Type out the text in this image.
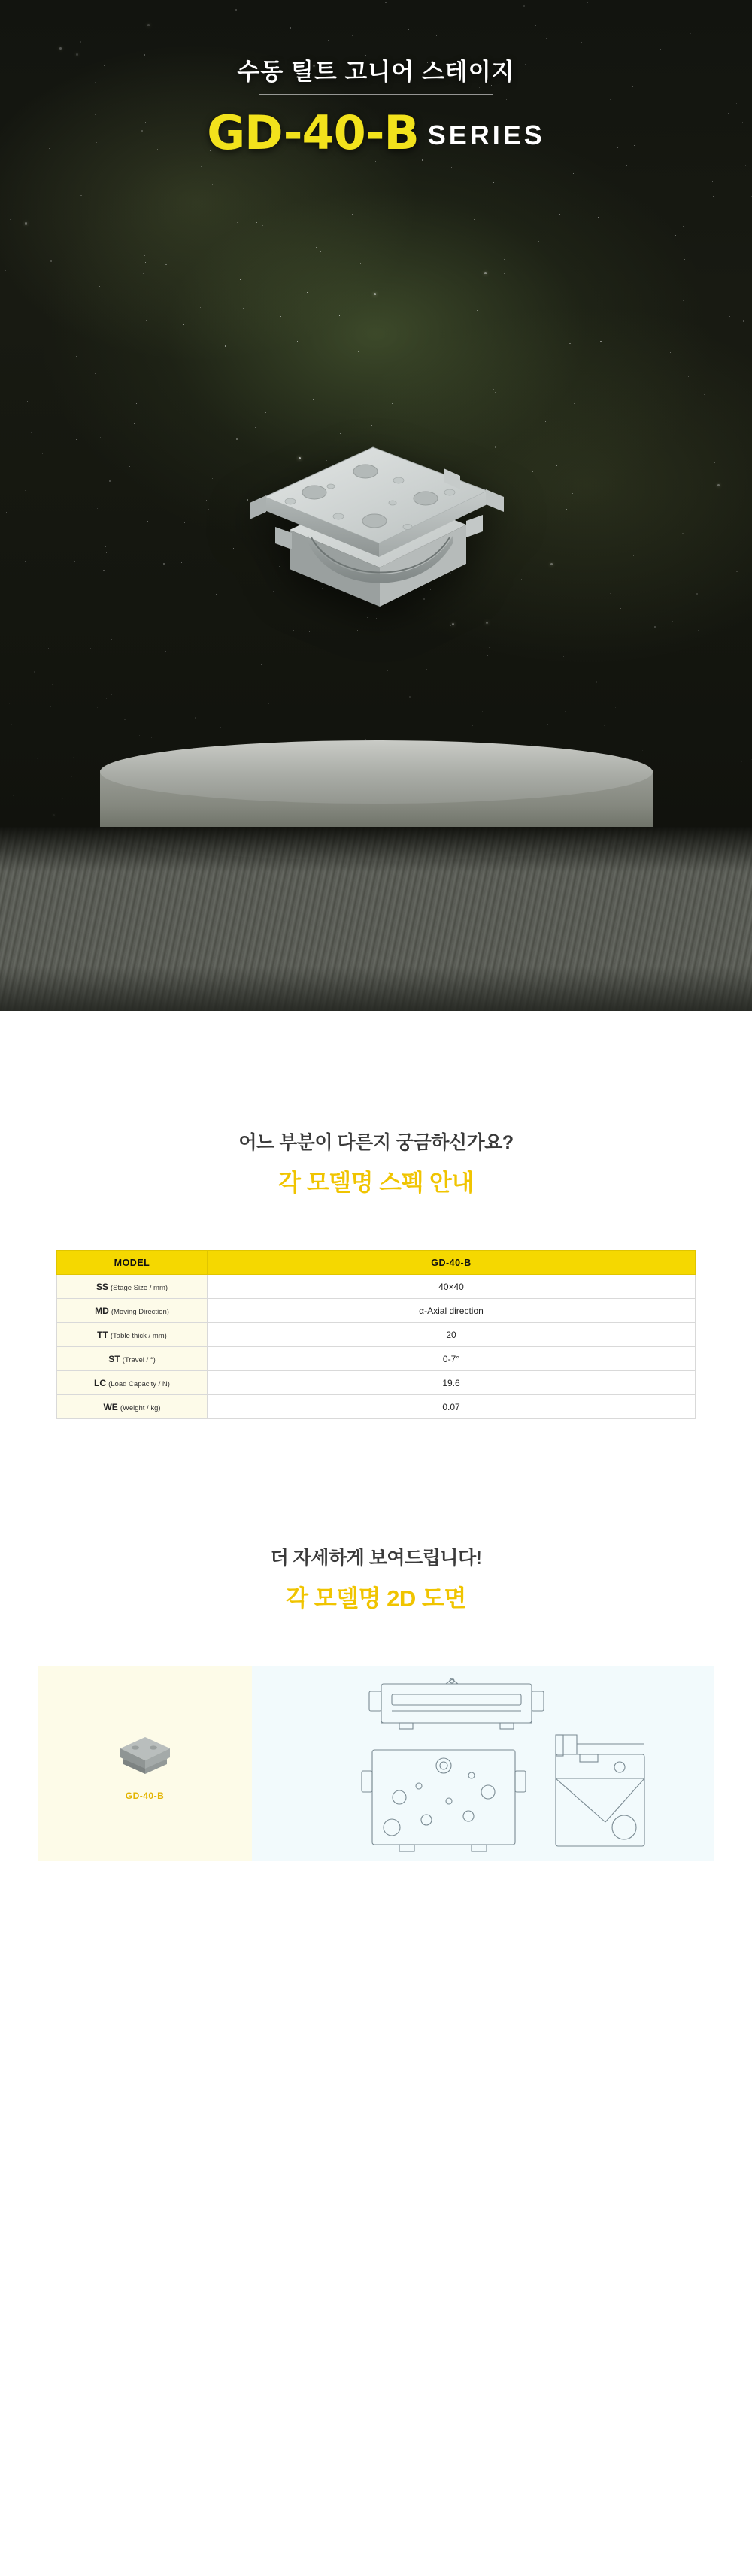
수동 틸트 고니어 스테이지
GD-40-B SERIES
어느 부분이 다른지 궁금하신가요?
각 모델명 스펙 안내
MODEL	GD-40-B
SS (Stage Size / mm)	40×40
MD (Moving Direction)	α-Axial direction
TT (Table thick / mm)	20
ST (Travel / °)	0-7°
LC (Load Capacity / N)	19.6
WE (Weight / kg)	0.07
더 자세하게 보여드립니다!
각 모델명 2D 도면
GD-40-B
